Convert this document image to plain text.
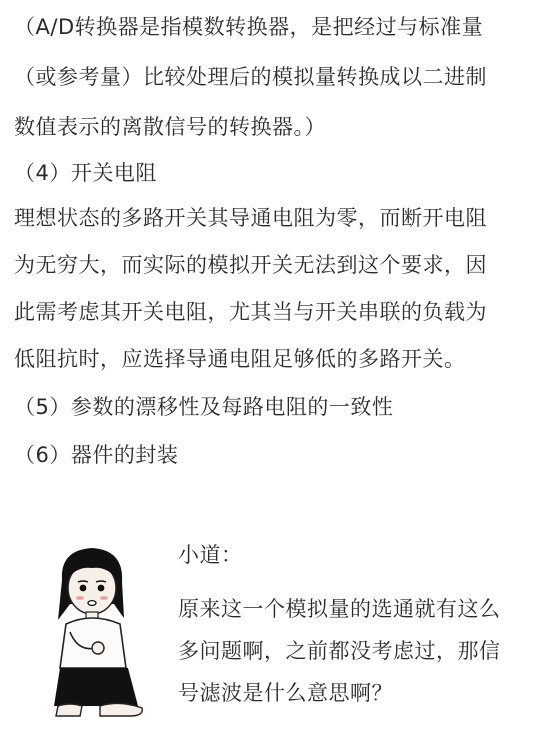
（A/D转换器是指模数转换器，是把经过与标准量
（或参考量）比较处理后的模拟量转换成以二进制
数值表示的离散信号的转换器。）
（4）开关电阻
理想状态的多路开关其导通电阻为零，而断开电阻
为无穷大，而实际的模拟开关无法到这个要求，因
此需考虑其开关电阻，尤其当与开关串联的负载为
低阻抗时，应选择导通电阻足够低的多路开关。
（5）参数的漂移性及每路电阻的一致性
（6）器件的封装
小道：
原来这一个模拟量的选通就有这么
多问题啊，之前都没考虑过，那信
号滤波是什么意思啊？
